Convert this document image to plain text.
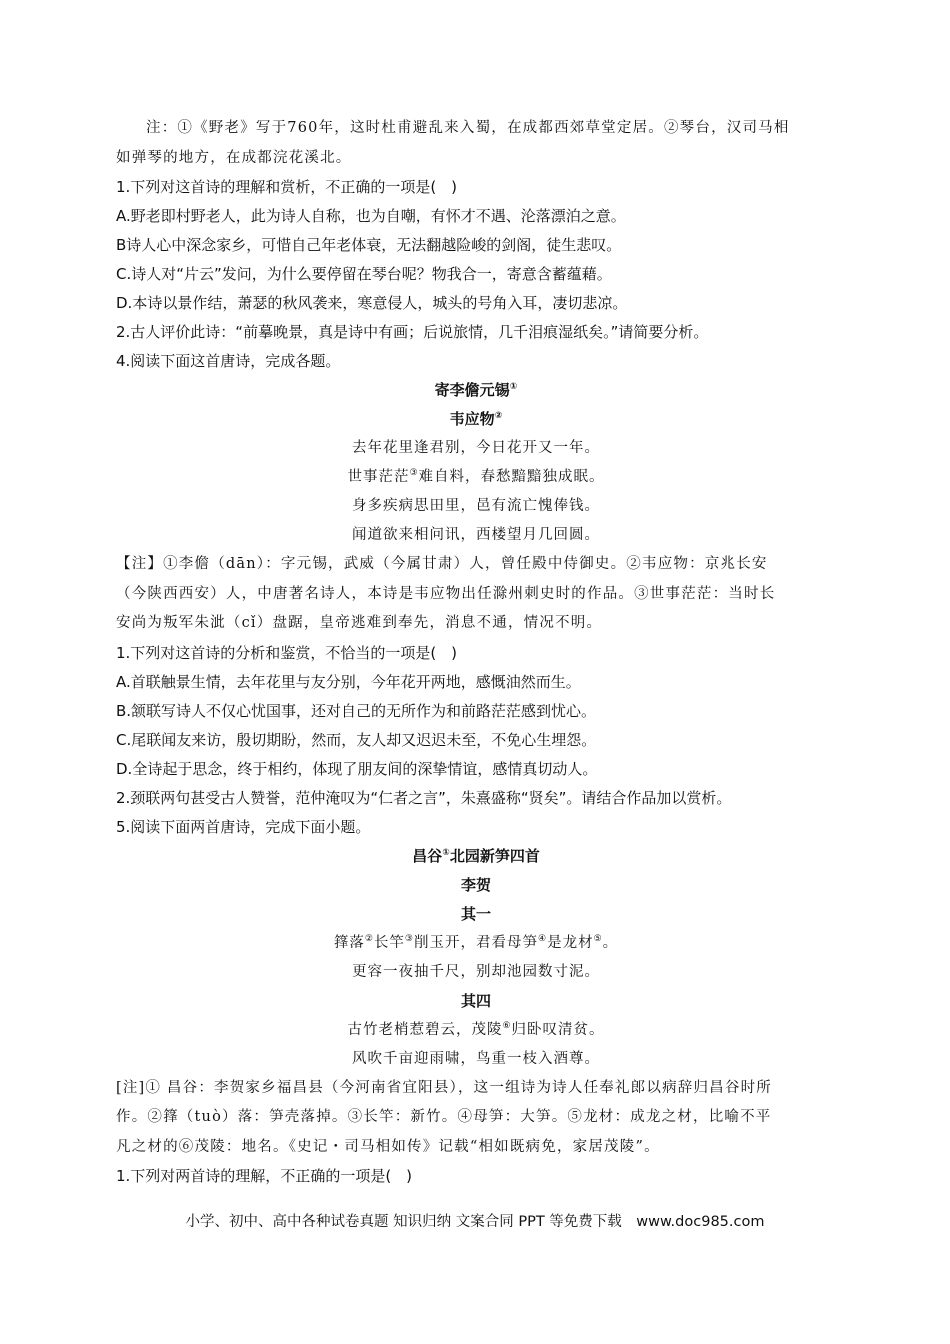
注：①《野老》写于760年，这时杜甫避乱来入蜀，在成都西郊草堂定居。②琴台，汉司马相
如弹琴的地方，在成都浣花溪北。
1.下列对这首诗的理解和赏析，不正确的一项是(　)
A.野老即村野老人，此为诗人自称，也为自嘲，有怀才不遇、沦落漂泊之意。
B诗人心中深念家乡，可惜自己年老体衰，无法翻越险峻的剑阁，徒生悲叹。
C.诗人对“片云”发问，为什么要停留在琴台呢？物我合一，寄意含蓄蕴藉。
D.本诗以景作结，萧瑟的秋风袭来，寒意侵人，城头的号角入耳，凄切悲凉。
2.古人评价此诗：“前摹晚景，真是诗中有画；后说旅情，几千泪痕湿纸矣。”请简要分析。
4.阅读下面这首唐诗，完成各题。
寄李儋元锡①
韦应物②
去年花里逢君别，今日花开又一年。
世事茫茫③难自料，春愁黯黯独成眠。
身多疾病思田里，邑有流亡愧俸钱。
闻道欲来相问讯，西楼望月几回圆。
【注】①李儋（dān）：字元锡，武威（今属甘肃）人，曾任殿中侍御史。②韦应物：京兆长安
（今陕西西安）人，中唐著名诗人，本诗是韦应物出任滁州刺史时的作品。③世事茫茫：当时长
安尚为叛军朱泚（cǐ）盘踞，皇帝逃难到奉先，消息不通，情况不明。
1.下列对这首诗的分析和鉴赏，不恰当的一项是(　)
A.首联触景生情，去年花里与友分别，今年花开两地，感慨油然而生。
B.颔联写诗人不仅心忧国事，还对自己的无所作为和前路茫茫感到忧心。
C.尾联闻友来访，殷切期盼，然而，友人却又迟迟未至，不免心生埋怨。
D.全诗起于思念，终于相约，体现了朋友间的深挚情谊，感情真切动人。
2.颈联两句甚受古人赞誉，范仲淹叹为“仁者之言”，朱熹盛称“贤矣”。请结合作品加以赏析。
5.阅读下面两首唐诗，完成下面小题。
昌谷①北园新笋四首
李贺
其一
箨落②长竿③削玉开，君看母笋④是龙材⑤。
更容一夜抽千尺，别却池园数寸泥。
其四
古竹老梢惹碧云，茂陵⑥归卧叹清贫。
风吹千亩迎雨啸，鸟重一枝入酒尊。
[注]① 昌谷：李贺家乡福昌县（今河南省宜阳县），这一组诗为诗人任奉礼郎以病辞归昌谷时所
作。②箨（tuò）落：笋壳落掉。③长竿：新竹。④母笋：大笋。⑤龙材：成龙之材，比喻不平
凡之材的⑥茂陵：地名。《史记・司马相如传》记载“相如既病免，家居茂陵”。
1.下列对两首诗的理解，不正确的一项是(　)
小学、初中、高中各种试卷真题 知识归纳 文案合同 PPT 等免费下载　www.doc985.com
